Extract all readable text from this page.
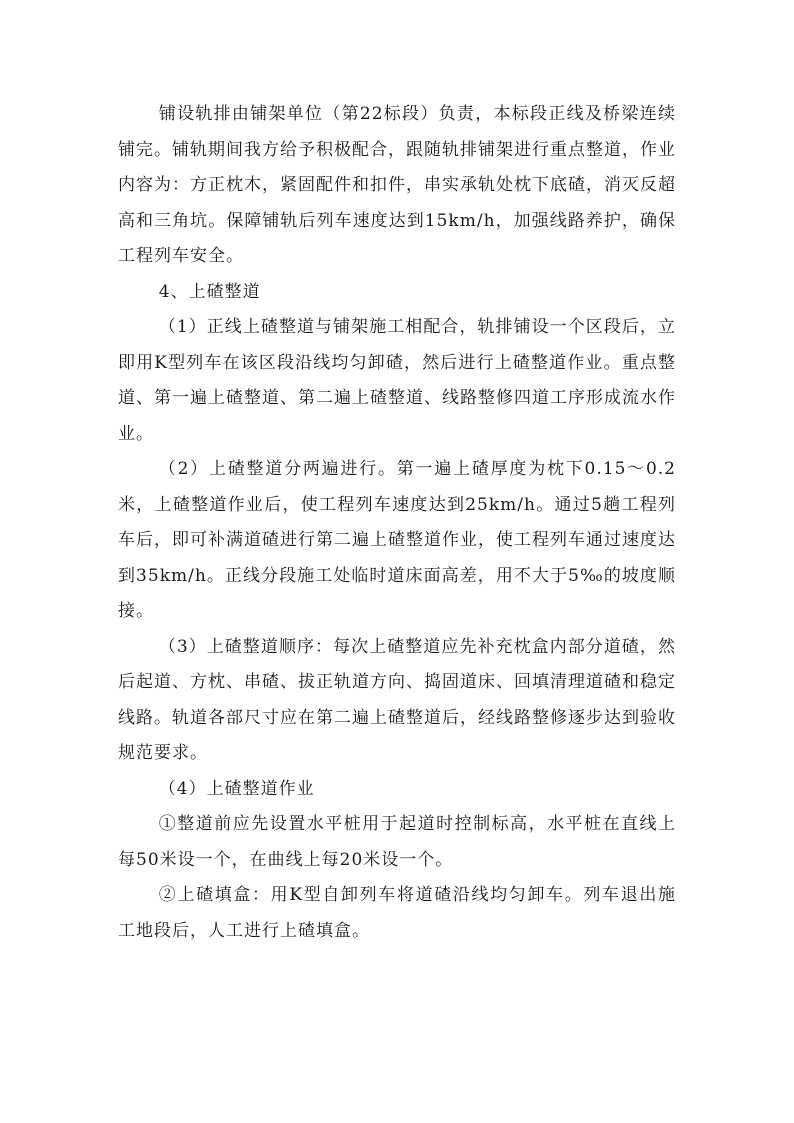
铺设轨排由铺架单位（第22标段）负责，本标段正线及桥梁连续铺完。铺轨期间我方给予积极配合，跟随轨排铺架进行重点整道，作业内容为：方正枕木，紧固配件和扣件，串实承轨处枕下底碴，消灭反超高和三角坑。保障铺轨后列车速度达到15km/h，加强线路养护，确保工程列车安全。

4、上碴整道

（1）正线上碴整道与铺架施工相配合，轨排铺设一个区段后，立即用K型列车在该区段沿线均匀卸碴，然后进行上碴整道作业。重点整道、第一遍上碴整道、第二遍上碴整道、线路整修四道工序形成流水作业。

（2）上碴整道分两遍进行。第一遍上碴厚度为枕下0.15～0.2米，上碴整道作业后，使工程列车速度达到25km/h。通过5趟工程列车后，即可补满道碴进行第二遍上碴整道作业，使工程列车通过速度达到35km/h。正线分段施工处临时道床面高差，用不大于5‰的坡度顺接。

（3）上碴整道顺序：每次上碴整道应先补充枕盒内部分道碴，然后起道、方枕、串碴、拔正轨道方向、捣固道床、回填清理道碴和稳定线路。轨道各部尺寸应在第二遍上碴整道后，经线路整修逐步达到验收规范要求。

（4）上碴整道作业

①整道前应先设置水平桩用于起道时控制标高，水平桩在直线上每50米设一个，在曲线上每20米设一个。

②上碴填盒：用K型自卸列车将道碴沿线均匀卸车。列车退出施工地段后，人工进行上碴填盒。
